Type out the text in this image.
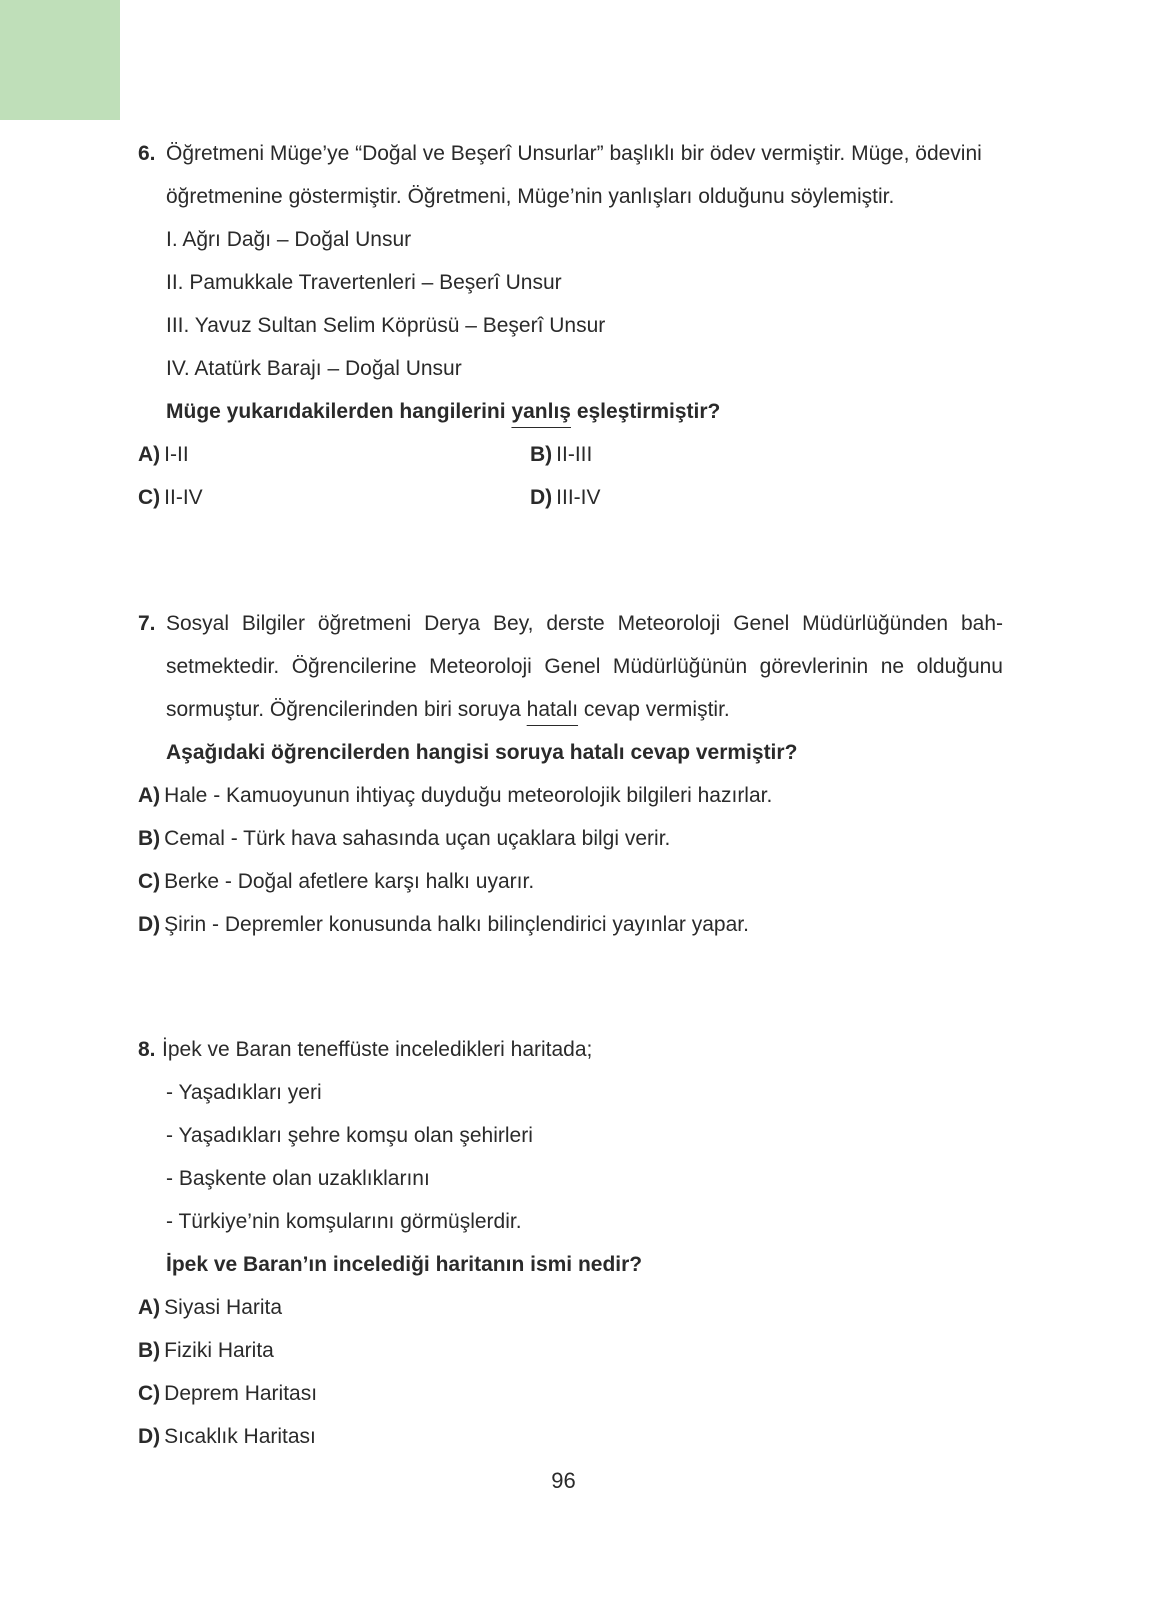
6. Öğretmeni Müge’ye “Doğal ve Beşerî Unsurlar” başlıklı bir ödev vermiştir. Müge, ödevini
öğretmenine göstermiştir. Öğretmeni, Müge’nin yanlışları olduğunu söylemiştir.
I. Ağrı Dağı – Doğal Unsur
II. Pamukkale Travertenleri – Beşerî Unsur
III. Yavuz Sultan Selim Köprüsü – Beşerî Unsur
IV. Atatürk Barajı – Doğal Unsur
Müge yukarıdakilerden hangilerini yanlış eşleştirmiştir?
A) I-II	B) II-III
C) II-IV	D) III-IV
7. Sosyal Bilgiler öğretmeni Derya Bey, derste Meteoroloji Genel Müdürlüğünden bah-
setmektedir. Öğrencilerine Meteoroloji Genel Müdürlüğünün görevlerinin ne olduğunu
sormuştur. Öğrencilerinden biri soruya hatalı cevap vermiştir.
Aşağıdaki öğrencilerden hangisi soruya hatalı cevap vermiştir?
A) Hale - Kamuoyunun ihtiyaç duyduğu meteorolojik bilgileri hazırlar.
B) Cemal - Türk hava sahasında uçan uçaklara bilgi verir.
C) Berke - Doğal afetlere karşı halkı uyarır.
D) Şirin - Depremler konusunda halkı bilinçlendirici yayınlar yapar.
8. İpek ve Baran teneffüste inceledikleri haritada;
- Yaşadıkları yeri
- Yaşadıkları şehre komşu olan şehirleri
- Başkente olan uzaklıklarını
- Türkiye’nin komşularını görmüşlerdir.
İpek ve Baran’ın incelediği haritanın ismi nedir?
A) Siyasi Harita
B) Fiziki Harita
C) Deprem Haritası
D) Sıcaklık Haritası
96
